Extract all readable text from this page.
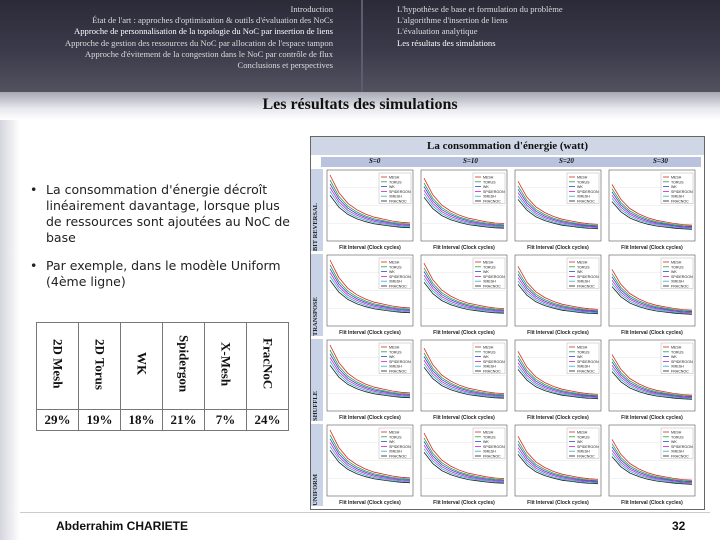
Introduction
État de l'art : approches d'optimisation & outils d'évaluation des NoCs
Approche de personnalisation de la topologie du NoC par insertion de liens
Approche de gestion des ressources du NoC par allocation de l'espace tampon
Approche d'évitement de la congestion dans le NoC par contrôle de flux
Conclusions et perspectives
L'hypothèse de base et formulation du problème
L'algorithme d'insertion de liens
L'évaluation analytique
Les résultats des simulations
Les résultats des simulations
• La consommation d'énergie décroît linéairement davantage, lorsque plus de ressources sont ajoutées au NoC de base
• Par exemple, dans le modèle Uniform (4ème ligne)
2D Mesh	2D Torus	WK	Spidergon	X-Mesh	FracNoC
29%	19%	18%	21%	7%	24%
La consommation d'énergie (watt)
S=0	S=10	S=20	S=30
BIT REVERSAL
TRANSPOSE
SHUFFLE
UNIFORM
MESH
TORUS
WK
SPIDERGON
XMESH
FRACNOC
Flit Interval (Clock cycles)
MESH
TORUS
WK
SPIDERGON
XMESH
FRACNOC
Flit Interval (Clock cycles)
MESH
TORUS
WK
SPIDERGON
XMESH
FRACNOC
Flit Interval (Clock cycles)
MESH
TORUS
WK
SPIDERGON
XMESH
FRACNOC
Flit Interval (Clock cycles)
MESH
TORUS
WK
SPIDERGON
XMESH
FRACNOC
Flit Interval (Clock cycles)
MESH
TORUS
WK
SPIDERGON
XMESH
FRACNOC
Flit Interval (Clock cycles)
MESH
TORUS
WK
SPIDERGON
XMESH
FRACNOC
Flit Interval (Clock cycles)
MESH
TORUS
WK
SPIDERGON
XMESH
FRACNOC
Flit Interval (Clock cycles)
MESH
TORUS
WK
SPIDERGON
XMESH
FRACNOC
Flit Interval (Clock cycles)
MESH
TORUS
WK
SPIDERGON
XMESH
FRACNOC
Flit Interval (Clock cycles)
MESH
TORUS
WK
SPIDERGON
XMESH
FRACNOC
Flit Interval (Clock cycles)
MESH
TORUS
WK
SPIDERGON
XMESH
FRACNOC
Flit Interval (Clock cycles)
MESH
TORUS
WK
SPIDERGON
XMESH
FRACNOC
Flit Interval (Clock cycles)
MESH
TORUS
WK
SPIDERGON
XMESH
FRACNOC
Flit Interval (Clock cycles)
MESH
TORUS
WK
SPIDERGON
XMESH
FRACNOC
Flit Interval (Clock cycles)
MESH
TORUS
WK
SPIDERGON
XMESH
FRACNOC
Flit Interval (Clock cycles)
Abderrahim CHARIETE	32
